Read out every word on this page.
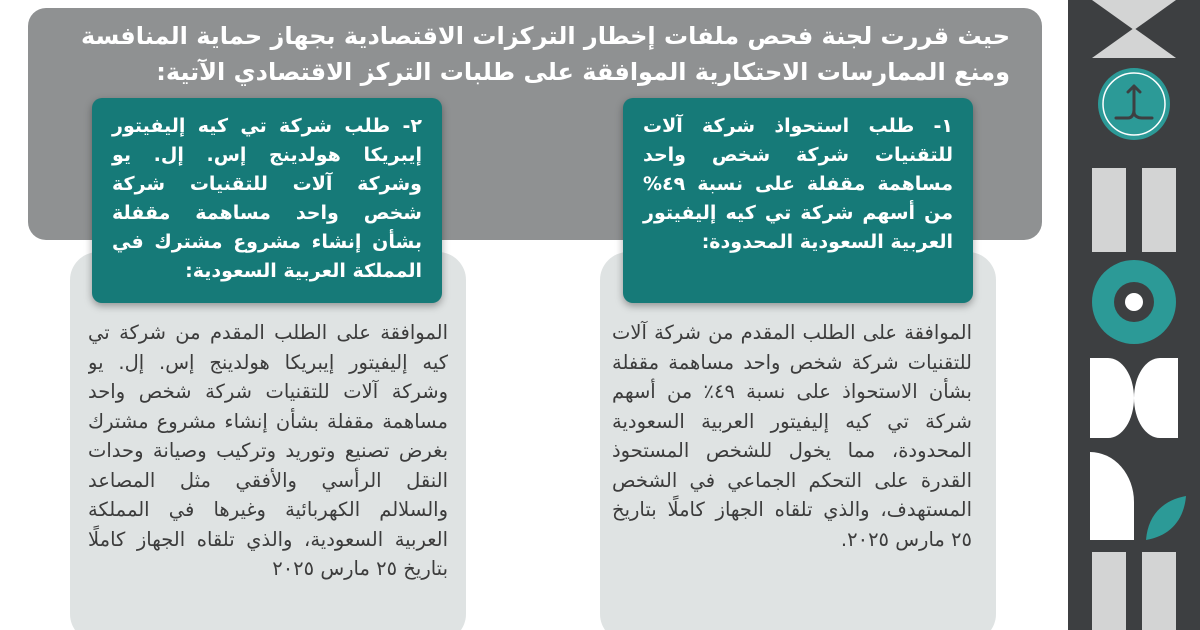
حيث قررت لجنة فحص ملفات إخطار التركزات الاقتصادية بجهاز حماية المنافسة ومنع الممارسات الاحتكارية الموافقة على طلبات التركز الاقتصادي الآتية:
١- طلب استحواذ شركة آلات للتقنيات شركة شخص واحد مساهمة مقفلة على نسبة ٤٩% من أسهم شركة تي كيه إليفيتور العربية السعودية المحدودة:
٢- طلب شركة تي كيه إليفيتور إيبريكا هولدينج إس. إل. يو وشركة آلات للتقنيات شركة شخص واحد مساهمة مقفلة بشأن إنشاء مشروع مشترك في المملكة العربية السعودية:
الموافقة على الطلب المقدم من شركة آلات للتقنيات شركة شخص واحد مساهمة مقفلة بشأن الاستحواذ على نسبة ٤٩٪ من أسهم شركة تي كيه إليفيتور العربية السعودية المحدودة، مما يخول للشخص المستحوذ القدرة على التحكم الجماعي في الشخص المستهدف، والذي تلقاه الجهاز كاملًا بتاريخ ٢٥ مارس ٢٠٢٥.
الموافقة على الطلب المقدم من شركة تي كيه إليفيتور إيبريكا هولدينج إس. إل. يو وشركة آلات للتقنيات شركة شخص واحد مساهمة مقفلة بشأن إنشاء مشروع مشترك بغرض تصنيع وتوريد وتركيب وصيانة وحدات النقل الرأسي والأفقي مثل المصاعد والسلالم الكهربائية وغيرها في المملكة العربية السعودية، والذي تلقاه الجهاز كاملًا بتاريخ ٢٥ مارس ٢٠٢٥
